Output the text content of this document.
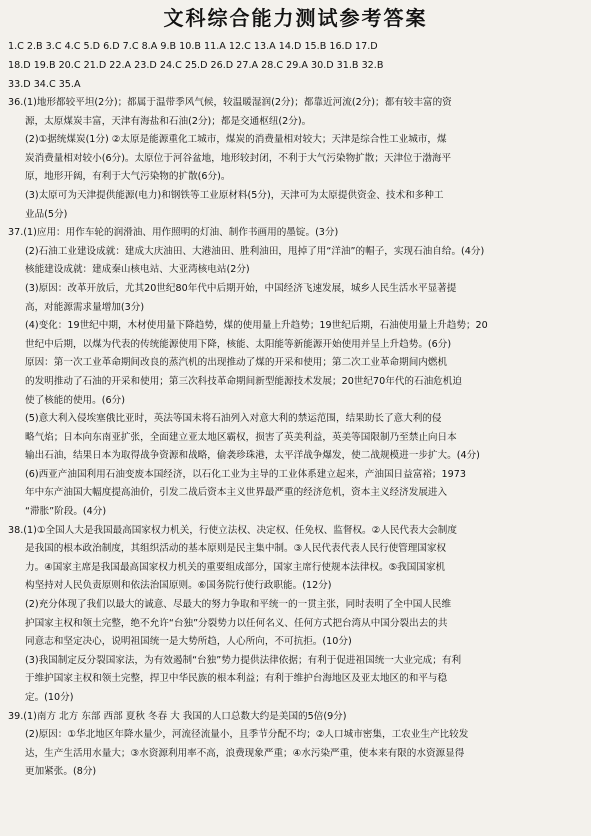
文科综合能力测试参考答案
1.C 2.B 3.C 4.C 5.D 6.D 7.C 8.A 9.B 10.B 11.A 12.C 13.A 14.D 15.B 16.D 17.D
18.D 19.B 20.C 21.D 22.A 23.D 24.C 25.D 26.D 27.A 28.C 29.A 30.D 31.B 32.B
33.D 34.C 35.A
36.(1)地形都较平坦(2分)；都属于温带季风气候，较温暖湿润(2分)；都靠近河流(2分)；都有较丰富的资
源，太原煤炭丰富，天津有海盐和石油(2分)；都是交通枢纽(2分)。
(2)①据统煤炭(1分) ②太原是能源重化工城市，煤炭的消费量相对较大；天津是综合性工业城市，煤
炭消费量相对较小(6分)。太原位于河谷盆地，地形较封闭，不利于大气污染物扩散；天津位于渤海平
原，地形开阔，有利于大气污染物的扩散(6分)。
(3)太原可为天津提供能源(电力)和钢铁等工业原材料(5分)，天津可为太原提供资金、技术和多种工
业品(5分)
37.(1)应用：用作车轮的润滑油、用作照明的灯油、制作书画用的墨锭。(3分)
(2)石油工业建设成就：建成大庆油田、大港油田、胜利油田，甩掉了用“洋油”的帽子，实现石油自给。(4分)
核能建设成就：建成秦山核电站、大亚湾核电站(2分)
(3)原因：改革开放后，尤其20世纪80年代中后期开始，中国经济飞速发展，城乡人民生活水平显著提
高，对能源需求量增加(3分)
(4)变化：19世纪中期，木材使用量下降趋势，煤的使用量上升趋势；19世纪后期，石油使用量上升趋势；20
世纪中后期，以煤为代表的传统能源使用下降，核能、太阳能等新能源开始使用并呈上升趋势。(6分)
原因：第一次工业革命期间改良的蒸汽机的出现推动了煤的开采和使用；第二次工业革命期间内燃机
的发明推动了石油的开采和使用；第三次科技革命期间新型能源技术发展；20世纪70年代的石油危机迫
使了核能的使用。(6分)
(5)意大利入侵埃塞俄比亚时，英法等国未将石油列入对意大利的禁运范围，结果助长了意大利的侵
略气焰；日本向东南亚扩张，全面建立亚太地区霸权，损害了英美利益，英美等国限制乃至禁止向日本
输出石油，结果日本为取得战争资源和战略，偷袭珍珠港，太平洋战争爆发，使二战规模进一步扩大。(4分)
(6)西亚产油国利用石油变废本国经济，以石化工业为主导的工业体系建立起来，产油国日益富裕；1973
年中东产油国大幅度提高油价，引发二战后资本主义世界最严重的经济危机，资本主义经济发展进入
“滞胀”阶段。(4分)
38.(1)①全国人大是我国最高国家权力机关，行使立法权、决定权、任免权、监督权。②人民代表大会制度
是我国的根本政治制度，其组织活动的基本原则是民主集中制。③人民代表代表人民行使管理国家权
力。④国家主席是我国最高国家权力机关的重要组成部分，国家主席行使规本法律权。⑤我国国家机
构坚持对人民负责原则和依法治国原则。⑥国务院行使行政职能。(12分)
(2)充分体现了我们以最大的诚意、尽最大的努力争取和平统一的一贯主张，同时表明了全中国人民维
护国家主权和领土完整，绝不允许“台独”分裂势力以任何名义、任何方式把台湾从中国分裂出去的共
同意志和坚定决心，说明祖国统一是大势所趋，人心所向，不可抗拒。(10分)
(3)我国制定反分裂国家法，为有效遏制“台独”势力提供法律依据；有利于促进祖国统一大业完成；有利
于维护国家主权和领土完整，捍卫中华民族的根本利益；有利于维护台海地区及亚太地区的和平与稳
定。(10分)
39.(1)南方 北方 东部 西部 夏秋 冬春 大 我国的人口总数大约是美国的5倍(9分)
(2)原因：①华北地区年降水量少，河流径流量小，且季节分配不均；②人口城市密集，工农业生产比较发
达，生产生活用水量大；③水资源利用率不高，浪费现象严重；④水污染严重，使本来有限的水资源显得
更加紧张。(8分)
